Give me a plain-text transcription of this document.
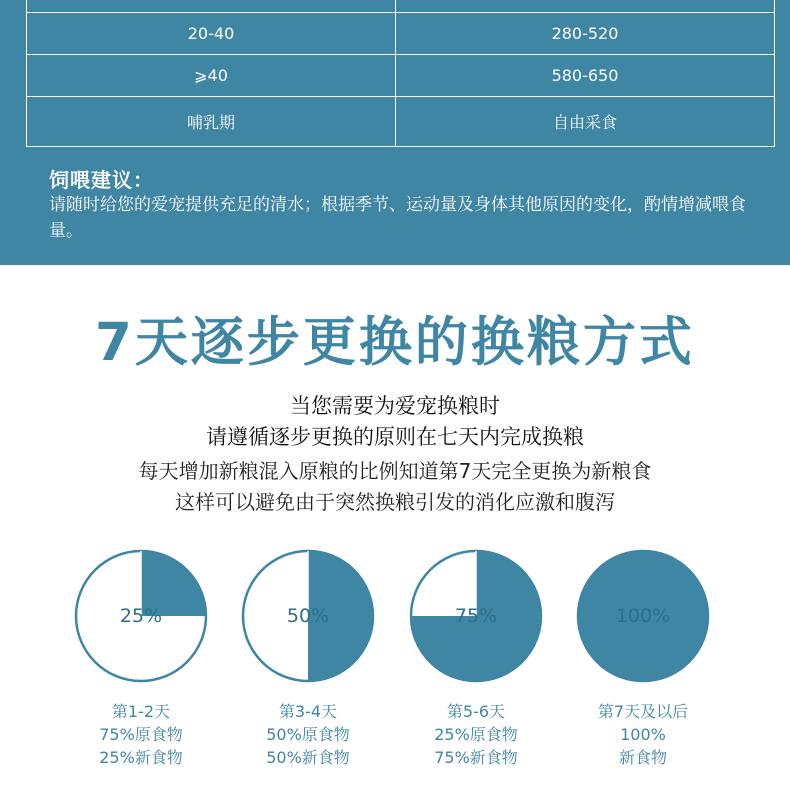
20-40	280-520
⩾40	580-650
哺乳期	自由采食
饲喂建议：
请随时给您的爱宠提供充足的清水；根据季节、运动量及身体其他原因的变化，酌情增减喂食量。
7天逐步更换的换粮方式
当您需要为爱宠换粮时
请遵循逐步更换的原则在七天内完成换粮
每天增加新粮混入原粮的比例知道第7天完全更换为新粮食
这样可以避免由于突然换粮引发的消化应激和腹泻
25%
第1-2天
75%原食物
25%新食物
50%
第3-4天
50%原食物
50%新食物
75%
第5-6天
25%原食物
75%新食物
100%
第7天及以后
100%
新食物
